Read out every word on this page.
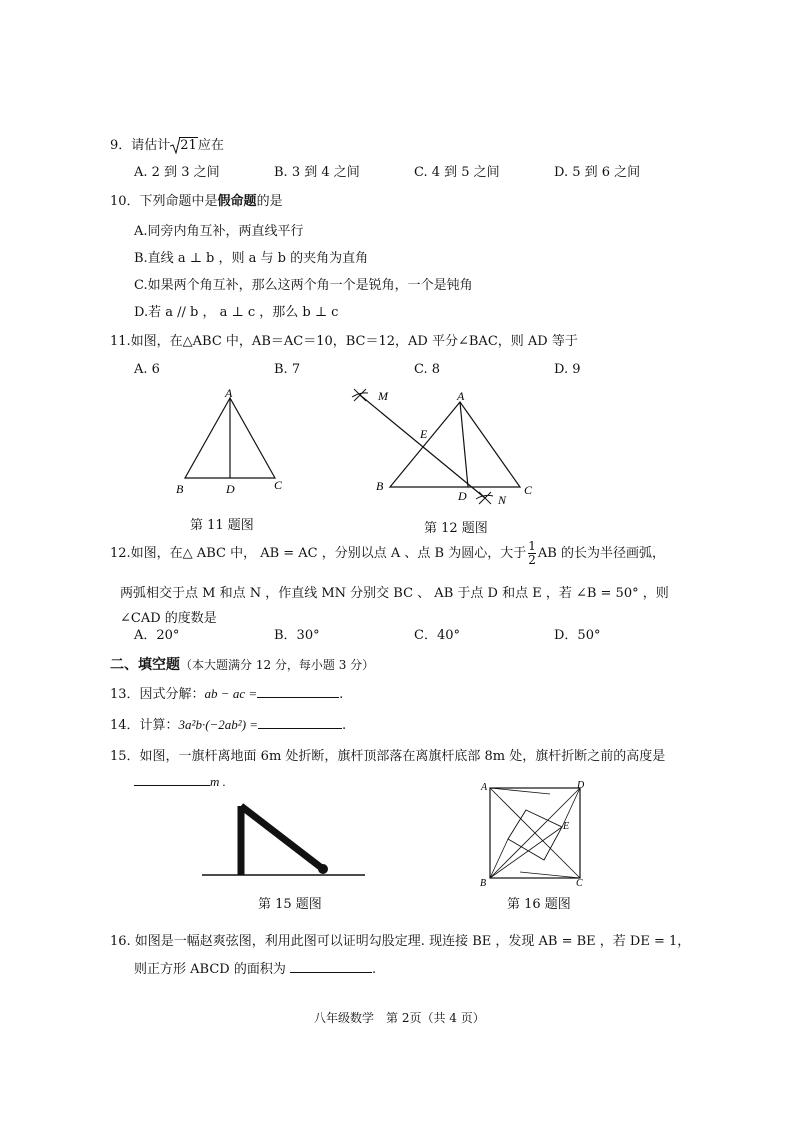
9．请估计 21应在
A. 2 到 3 之间	B. 3 到 4 之间	C. 4 到 5 之间	D. 5 到 6 之间
10．下列命题中是假命题的是
A.同旁内角互补，两直线平行
B.直线 a ⊥ b ，则 a 与 b 的夹角为直角
C.如果两个角互补，那么这两个角一个是锐角，一个是钝角
D.若 a // b ， a ⊥ c ，那么 b ⊥ c
11.如图，在△ABC 中，AB＝AC＝10，BC＝12，AD 平分∠BAC，则 AD 等于
A. 6	B. 7	C. 8	D. 9
A
B	D	C
第 11 题图
M	A
E
B
D	N
C
第 12 题图
12.如图，在△ ABC 中， AB = AC ，分别以点 A 、点 B 为圆心，大于 $\frac{1}{2}$ AB 的长为半径画弧，
两弧相交于点 M 和点 N ，作直线 MN 分别交 BC 、 AB 于点 D 和点 E ，若 ∠B = 50° ，则
∠CAD 的度数是
A．20°	B．30°	C．40°	D．50°
二、填空题（本大题满分 12 分，每小题 3 分）
13．因式分解：ab − ac =	.
14．计算：3a²b·(−2ab²) =	.
15．如图，一旗杆离地面 6m 处折断，旗杆顶部落在离旗杆底部 8m 处，旗杆折断之前的高度是
m .
第 15 题图
A	D
E
B	C
第 16 题图
16. 如图是一幅赵爽弦图，利用此图可以证明勾股定理. 现连接 BE ，发现 AB = BE ，若 DE = 1，
则正方形 ABCD 的面积为	.
八年级数学　第 2页（共 4 页）
